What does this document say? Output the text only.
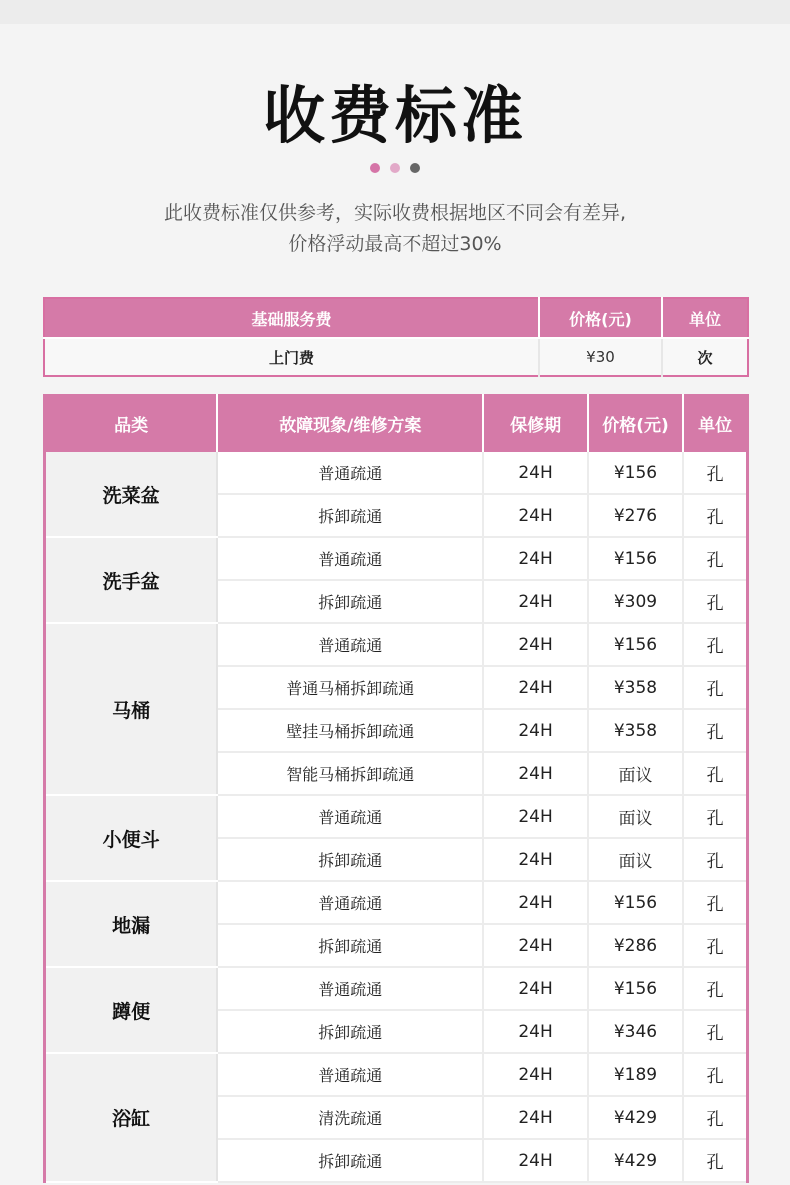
收费标准

此收费标准仅供参考，实际收费根据地区不同会有差异,
价格浮动最高不超过30%
基础服务费	价格(元)	单位
上门费	¥30	次
品类	故障现象/维修方案	保修期	价格(元)	单位
洗菜盆	普通疏通	24H	¥156	孔
	拆卸疏通	24H	¥276	孔
洗手盆	普通疏通	24H	¥156	孔
	拆卸疏通	24H	¥309	孔
马桶	普通疏通	24H	¥156	孔
	普通马桶拆卸疏通	24H	¥358	孔
	壁挂马桶拆卸疏通	24H	¥358	孔
	智能马桶拆卸疏通	24H	面议	孔
小便斗	普通疏通	24H	面议	孔
	拆卸疏通	24H	面议	孔
地漏	普通疏通	24H	¥156	孔
	拆卸疏通	24H	¥286	孔
蹲便	普通疏通	24H	¥156	孔
	拆卸疏通	24H	¥346	孔
浴缸	普通疏通	24H	¥189	孔
	清洗疏通	24H	¥429	孔
	拆卸疏通	24H	¥429	孔
